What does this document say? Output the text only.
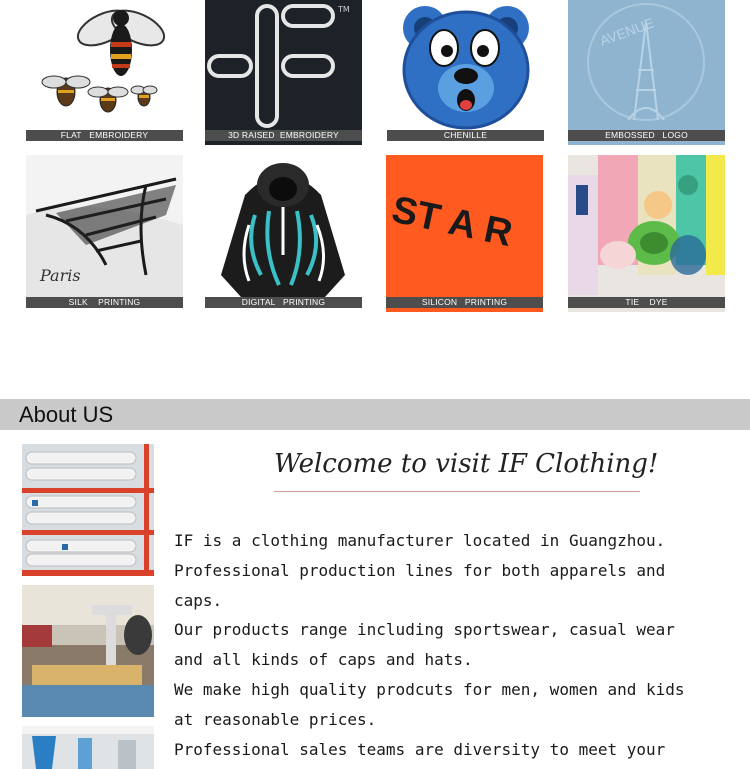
FLAT   EMBROIDERY
TM
3D RAISED  EMBROIDERY	CHENILLE
AVENUE
EMBOSSED   LOGO
Paris
SILK    PRINTING	DIGITAL   PRINTING
ST A R
SILICON   PRINTING	TIE    DYE
About US
Welcome to visit IF Clothing!
IF is a clothing manufacturer located in Guangzhou.
Professional production lines for both apparels and
caps.
Our products range including sportswear, casual wear
and all kinds of caps and hats.
We make high quality prodcuts for men, women and kids
at reasonable prices.
Professional sales teams are diversity to meet your
